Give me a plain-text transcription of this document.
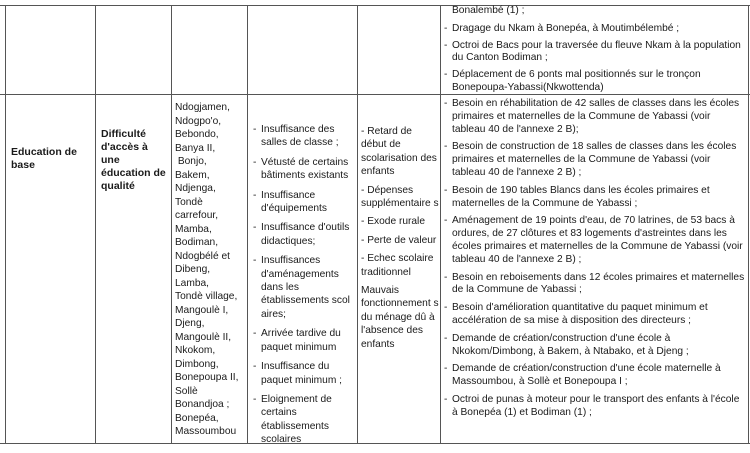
Bonalembé (1) ;
- Dragage du Nkam à Bonepéa, à Moutimbélembé ;
- Octroi de Bacs pour la traversée du fleuve Nkam à la population du Canton Bodiman ;
- Déplacement de 6 ponts mal positionnés sur le tronçon Bonepoupa-Yabassi(Nkwottenda)
Education de base
Difficulté d'accès à une éducation de qualité
Ndogjamen,
Ndogpo'o,
Bebondo,
Banya II,
Bonjo,
Bakem,
Ndjenga,
Tondè
carrefour,
Mamba,
Bodiman,
Ndogbélé et
Dibeng,
Lamba,
Tondè village,
Mangoulè I,
Djeng,
Mangoulè II,
Nkokom,
Dimbong,
Bonepoupa II,
Sollè
Bonandjoa ;
Bonepéa,
Massoumbou
- Insuffisance des salles de classe ;
- Vétusté de certains bâtiments existants
- Insuffisance d'équipements
- Insuffisance d'outils didactiques;
- Insuffisances d'aménagements dans les établissements scol aires;
- Arrivée tardive du paquet minimum
- Insuffisance du paquet minimum ;
- Eloignement de certains établissements scolaires
- Retard de début de scolarisation des enfants
- Dépenses supplémentaire s
- Exode rurale
- Perte de valeur
- Echec scolaire traditionnel
Mauvais fonctionnement s du ménage dû à l'absence des enfants
- Besoin en réhabilitation de 42 salles de classes dans les écoles primaires et maternelles de la Commune de Yabassi (voir tableau 40 de l'annexe 2 B);
- Besoin de construction de 18 salles de classes dans les écoles primaires et maternelles de la Commune de Yabassi (voir tableau 40 de l'annexe 2 B) ;
- Besoin de 190 tables Blancs dans les écoles primaires et maternelles de la Commune de Yabassi ;
- Aménagement de 19 points d'eau, de 70 latrines, de 53 bacs à ordures, de 27 clôtures et 83 logements d'astreintes dans les écoles primaires et maternelles de la Commune de Yabassi (voir tableau 40 de l'annexe 2 B) ;
- Besoin en reboisements dans 12 écoles primaires et maternelles de la Commune de Yabassi ;
- Besoin d'amélioration quantitative du paquet minimum et accélération de sa mise à disposition des directeurs ;
- Demande de création/construction d'une école à Nkokom/Dimbong, à Bakem, à Ntabako, et à Djeng ;
- Demande de création/construction d'une école maternelle à Massoumbou, à Sollè et Bonepoupa I ;
- Octroi de punas à moteur pour le transport des enfants à l'école à Bonepéa (1) et Bodiman (1) ;
